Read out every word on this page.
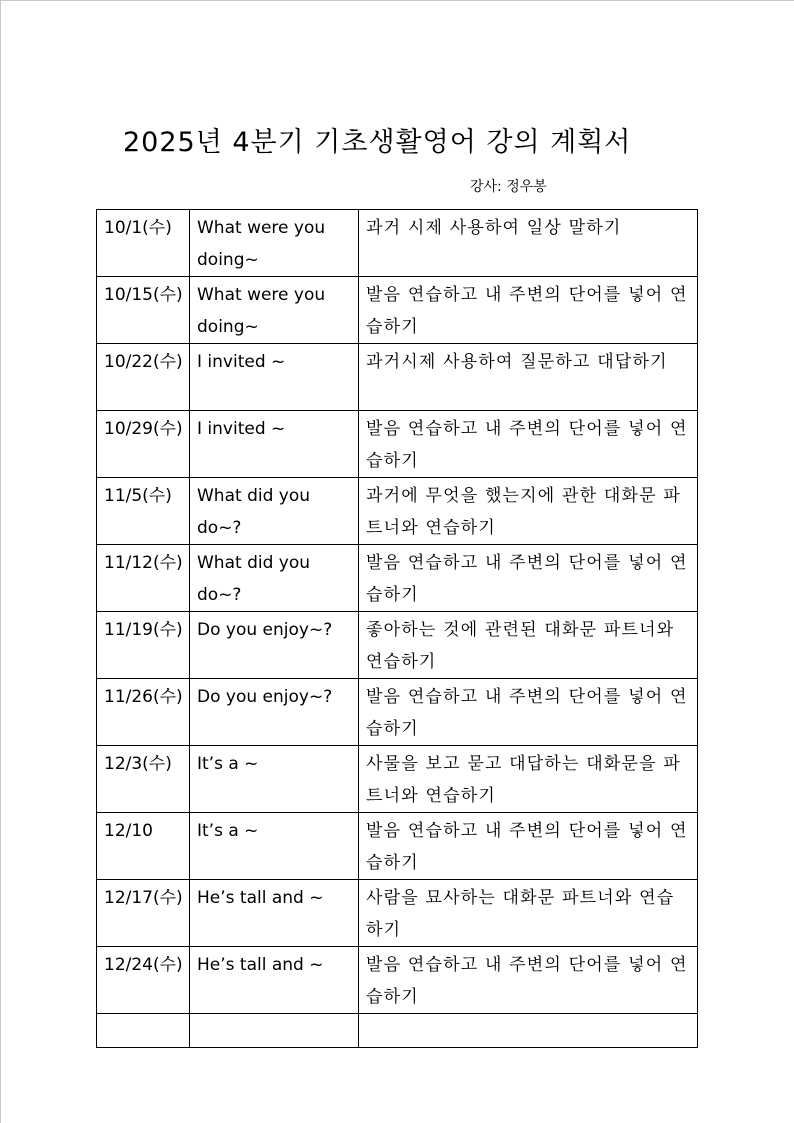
2025년 4분기 기초생활영어 강의 계획서
강사: 정우봉
10/1(수)	What were you doing~	과거 시제 사용하여 일상 말하기
10/15(수)	What were you doing~	발음 연습하고 내 주변의 단어를 넣어 연습하기
10/22(수)	I invited ~	과거시제 사용하여 질문하고 대답하기
10/29(수)	I invited ~	발음 연습하고 내 주변의 단어를 넣어 연습하기
11/5(수)	What did you do~?	과거에 무엇을 했는지에 관한 대화문 파트너와 연습하기
11/12(수)	What did you do~?	발음 연습하고 내 주변의 단어를 넣어 연습하기
11/19(수)	Do you enjoy~?	좋아하는 것에 관련된 대화문 파트너와 연습하기
11/26(수)	Do you enjoy~?	발음 연습하고 내 주변의 단어를 넣어 연습하기
12/3(수)	It’s a ~	사물을 보고 묻고 대답하는 대화문을 파트너와 연습하기
12/10	It’s a ~	발음 연습하고 내 주변의 단어를 넣어 연습하기
12/17(수)	He’s tall and ~	사람을 묘사하는 대화문 파트너와 연습하기
12/24(수)	He’s tall and ~	발음 연습하고 내 주변의 단어를 넣어 연습하기
